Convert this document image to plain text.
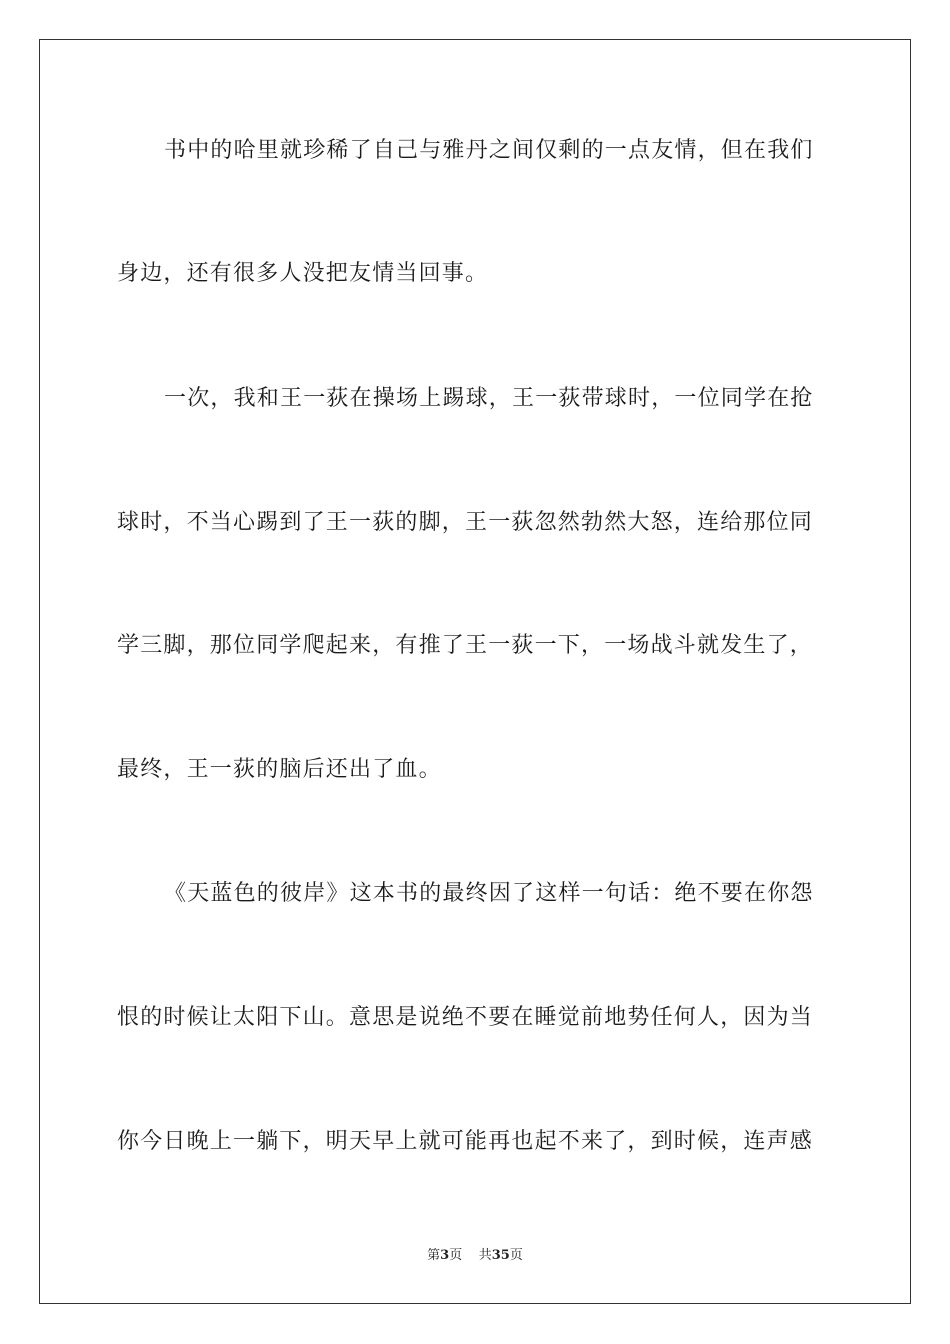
书中的哈里就珍稀了自己与雅丹之间仅剩的一点友情，但在我们
身边，还有很多人没把友情当回事。
一次，我和王一荻在操场上踢球，王一荻带球时，一位同学在抢
球时，不当心踢到了王一荻的脚，王一荻忽然勃然大怒，连给那位同
学三脚，那位同学爬起来，有推了王一荻一下，一场战斗就发生了，
最终，王一荻的脑后还出了血。
《天蓝色的彼岸》这本书的最终因了这样一句话：绝不要在你怨
恨的时候让太阳下山。意思是说绝不要在睡觉前地势任何人，因为当
你今日晚上一躺下，明天早上就可能再也起不来了，到时候，连声感
第3页 共35页
